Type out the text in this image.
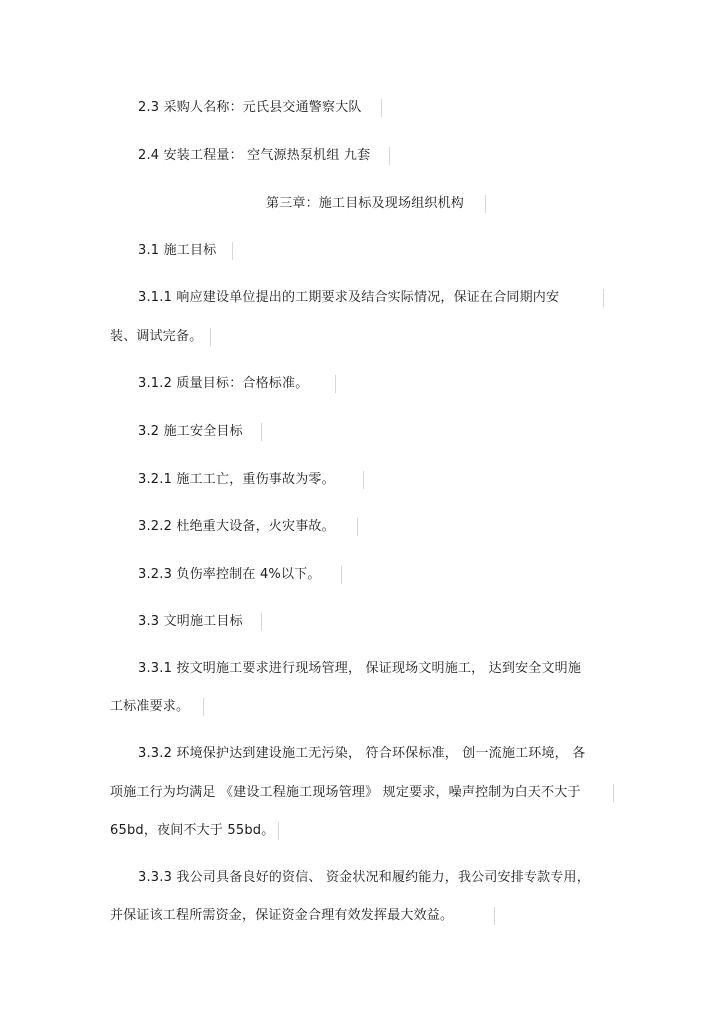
2.3 采购人名称：元氏县交通警察大队
2.4 安装工程量： 空气源热泵机组 九套
第三章：施工目标及现场组织机构
3.1 施工目标
3.1.1 响应建设单位提出的工期要求及结合实际情况，保证在合同期内安
装、调试完备。
3.1.2 质量目标：合格标准。
3.2 施工安全目标
3.2.1 施工工亡，重伤事故为零。
3.2.2 杜绝重大设备，火灾事故。
3.2.3 负伤率控制在 4%以下。
3.3 文明施工目标
3.3.1 按文明施工要求进行现场管理， 保证现场文明施工， 达到安全文明施
工标准要求。
3.3.2 环境保护达到建设施工无污染， 符合环保标准， 创一流施工环境， 各
项施工行为均满足 《建设工程施工现场管理》 规定要求，噪声控制为白天不大于
65bd，夜间不大于 55bd。
3.3.3 我公司具备良好的资信、 资金状况和履约能力，我公司安排专款专用，
并保证该工程所需资金，保证资金合理有效发挥最大效益。
